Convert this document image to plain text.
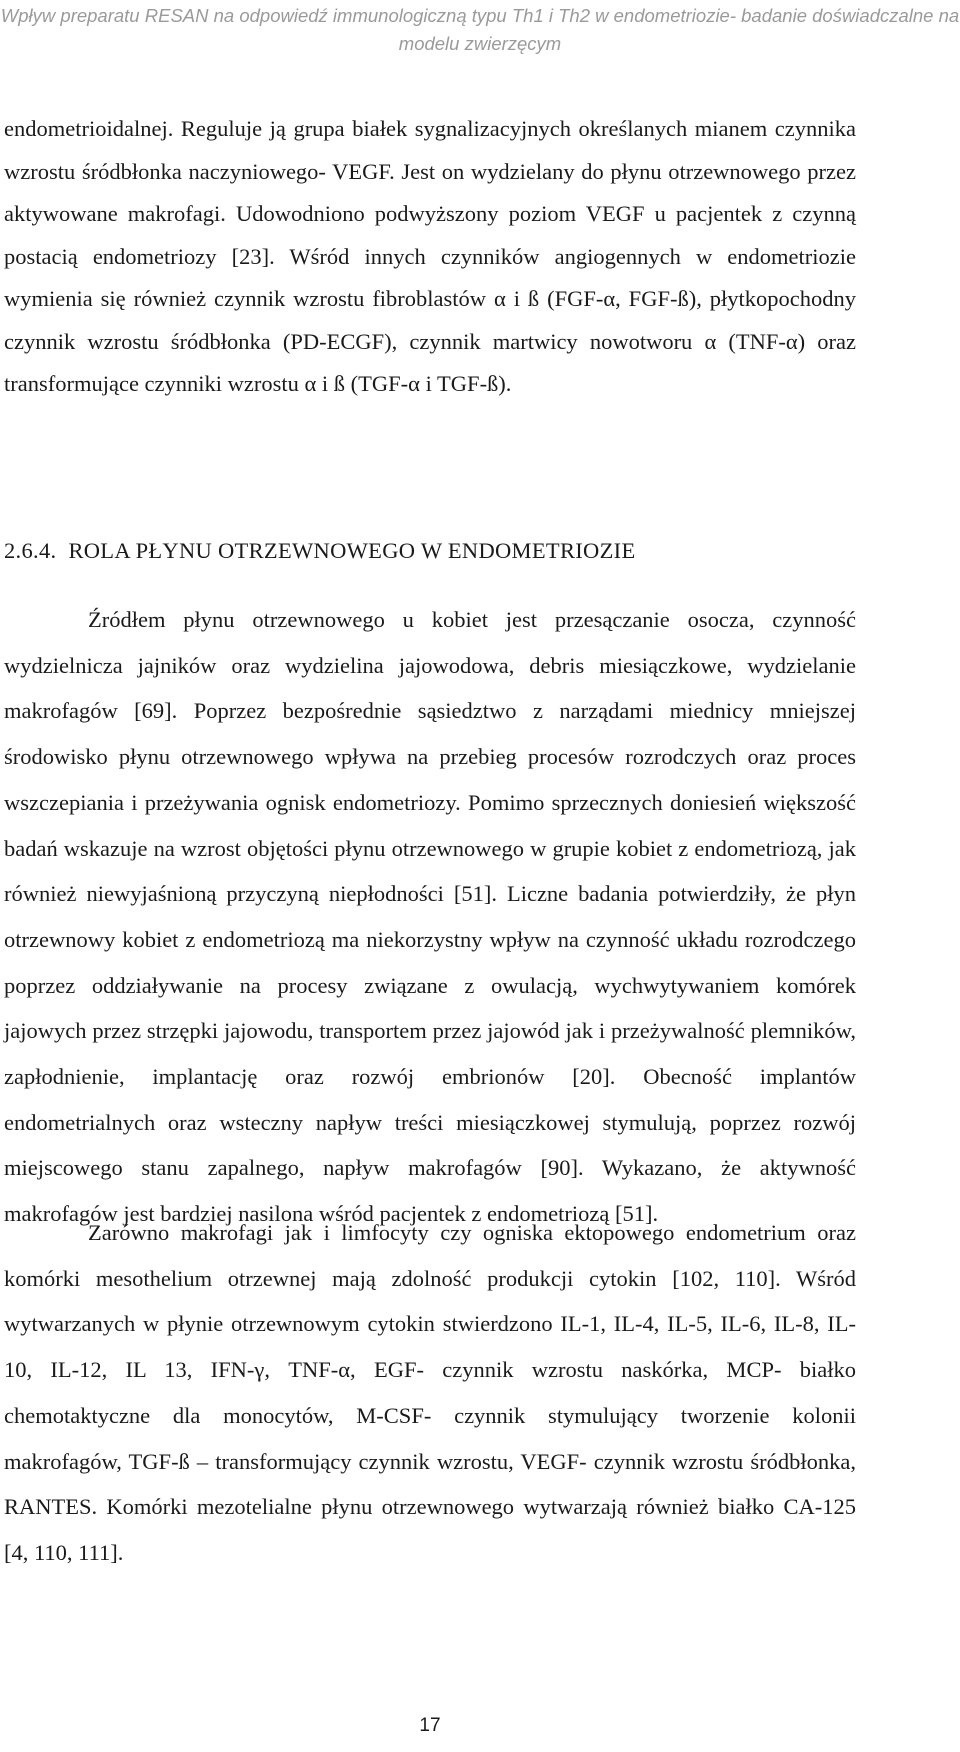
Wpływ preparatu RESAN na odpowiedź immunologiczną typu Th1 i Th2 w endometriozie- badanie doświadczalne na modelu zwierzęcym

endometrioidalnej. Reguluje ją grupa białek sygnalizacyjnych określanych mianem czynnika wzrostu śródbłonka naczyniowego- VEGF. Jest on wydzielany do płynu otrzewnowego przez aktywowane makrofagi. Udowodniono podwyższony poziom VEGF u pacjentek z czynną postacią endometriozy [23]. Wśród innych czynników angiogennych w endometriozie wymienia się również czynnik wzrostu fibroblastów α i ß (FGF-α, FGF-ß), płytkopochodny czynnik wzrostu śródbłonka (PD-ECGF), czynnik martwicy nowotworu α (TNF-α) oraz transformujące czynniki wzrostu α i ß (TGF-α i TGF-ß).

2.6.4. ROLA PŁYNU OTRZEWNOWEGO W ENDOMETRIOZIE

Źródłem płynu otrzewnowego u kobiet jest przesączanie osocza, czynność wydzielnicza jajników oraz wydzielina jajowodowa, debris miesiączkowe, wydzielanie makrofagów [69]. Poprzez bezpośrednie sąsiedztwo z narządami miednicy mniejszej środowisko płynu otrzewnowego wpływa na przebieg procesów rozrodczych oraz proces wszczepiania i przeżywania ognisk endometriozy. Pomimo sprzecznych doniesień większość badań wskazuje na wzrost objętości płynu otrzewnowego w grupie kobiet z endometriozą, jak również niewyjaśnioną przyczyną niepłodności [51]. Liczne badania potwierdziły, że płyn otrzewnowy kobiet z endometriozą ma niekorzystny wpływ na czynność układu rozrodczego poprzez oddziaływanie na procesy związane z owulacją, wychwytywaniem komórek jajowych przez strzępki jajowodu, transportem przez jajowód jak i przeżywalność plemników, zapłodnienie, implantację oraz rozwój embrionów [20]. Obecność implantów endometrialnych oraz wsteczny napływ treści miesiączkowej stymulują, poprzez rozwój miejscowego stanu zapalnego, napływ makrofagów [90]. Wykazano, że aktywność makrofagów jest bardziej nasilona wśród pacjentek z endometriozą [51].

Zarówno makrofagi jak i limfocyty czy ogniska ektopowego endometrium oraz komórki mesothelium otrzewnej mają zdolność produkcji cytokin [102, 110]. Wśród wytwarzanych w płynie otrzewnowym cytokin stwierdzono IL-1, IL-4, IL-5, IL-6, IL-8, IL-10, IL-12, IL 13, IFN-γ, TNF-α, EGF- czynnik wzrostu naskórka, MCP- białko chemotaktyczne dla monocytów, M-CSF- czynnik stymulujący tworzenie kolonii makrofagów, TGF-ß – transformujący czynnik wzrostu, VEGF- czynnik wzrostu śródbłonka, RANTES. Komórki mezotelialne płynu otrzewnowego wytwarzają również białko CA-125 [4, 110, 111].

17
